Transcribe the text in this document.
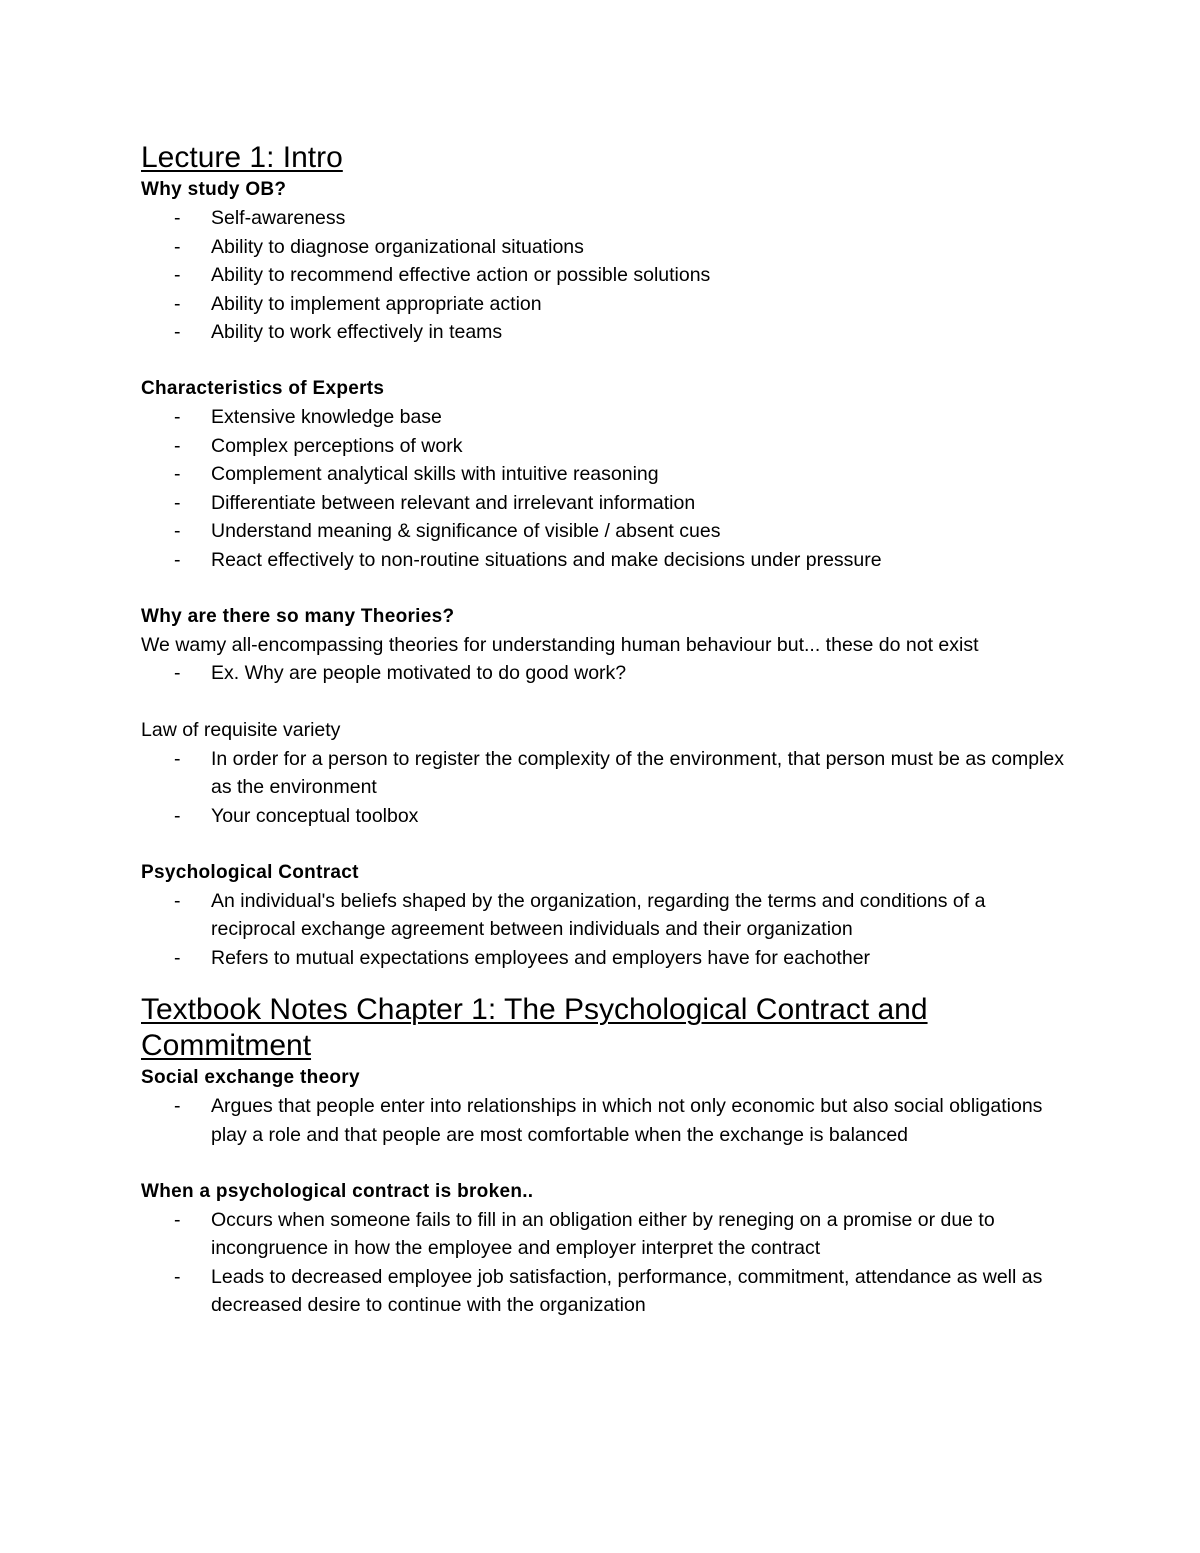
Lecture 1: Intro
Why study OB?
- Self-awareness
- Ability to diagnose organizational situations
- Ability to recommend effective action or possible solutions
- Ability to implement appropriate action
- Ability to work effectively in teams
Characteristics of Experts
- Extensive knowledge base
- Complex perceptions of work
- Complement analytical skills with intuitive reasoning
- Differentiate between relevant and irrelevant information
- Understand meaning & significance of visible / absent cues
- React effectively to non-routine situations and make decisions under pressure
Why are there so many Theories?

We wamy all-encompassing theories for understanding human behaviour but... these do not exist

- Ex. Why are people motivated to do good work?

Law of requisite variety

- In order for a person to register the complexity of the environment, that person must be as complex as the environment
- Your conceptual toolbox
Psychological Contract
- An individual's beliefs shaped by the organization, regarding the terms and conditions of a reciprocal exchange agreement between individuals and their organization
- Refers to mutual expectations employees and employers have for eachother
Textbook Notes Chapter 1: The Psychological Contract and Commitment
Social exchange theory
- Argues that people enter into relationships in which not only economic but also social obligations play a role and that people are most comfortable when the exchange is balanced
When a psychological contract is broken..
- Occurs when someone fails to fill in an obligation either by reneging on a promise or due to incongruence in how the employee and employer interpret the contract
- Leads to decreased employee job satisfaction, performance, commitment, attendance as well as decreased desire to continue with the organization
